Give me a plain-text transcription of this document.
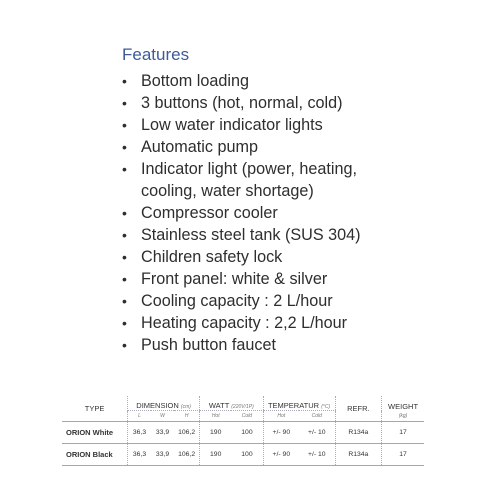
Features
• Bottom loading
• 3 buttons (hot, normal, cold)
• Low water indicator lights
• Automatic pump
• Indicator light (power, heating,
cooling, water shortage)
• Compressor cooler
• Stainless steel tank (SUS 304)
• Children safety lock
• Front panel: white & silver
• Cooling capacity : 2 L/hour
• Heating capacity : 2,2 L/hour
• Push button faucet
TYPE	DIMENSION (cm)			WATT (220V/1P)		TEMPERATUR (°C)		REFR.	WEIGHT
	L	W	H	Hot	Cold	Hot	Cold		(kg)
ORION White	36,3	33,9	106,2	190	100	+/- 90	+/- 10	R134a	17
ORION Black	36,3	33,9	106,2	190	100	+/- 90	+/- 10	R134a	17
